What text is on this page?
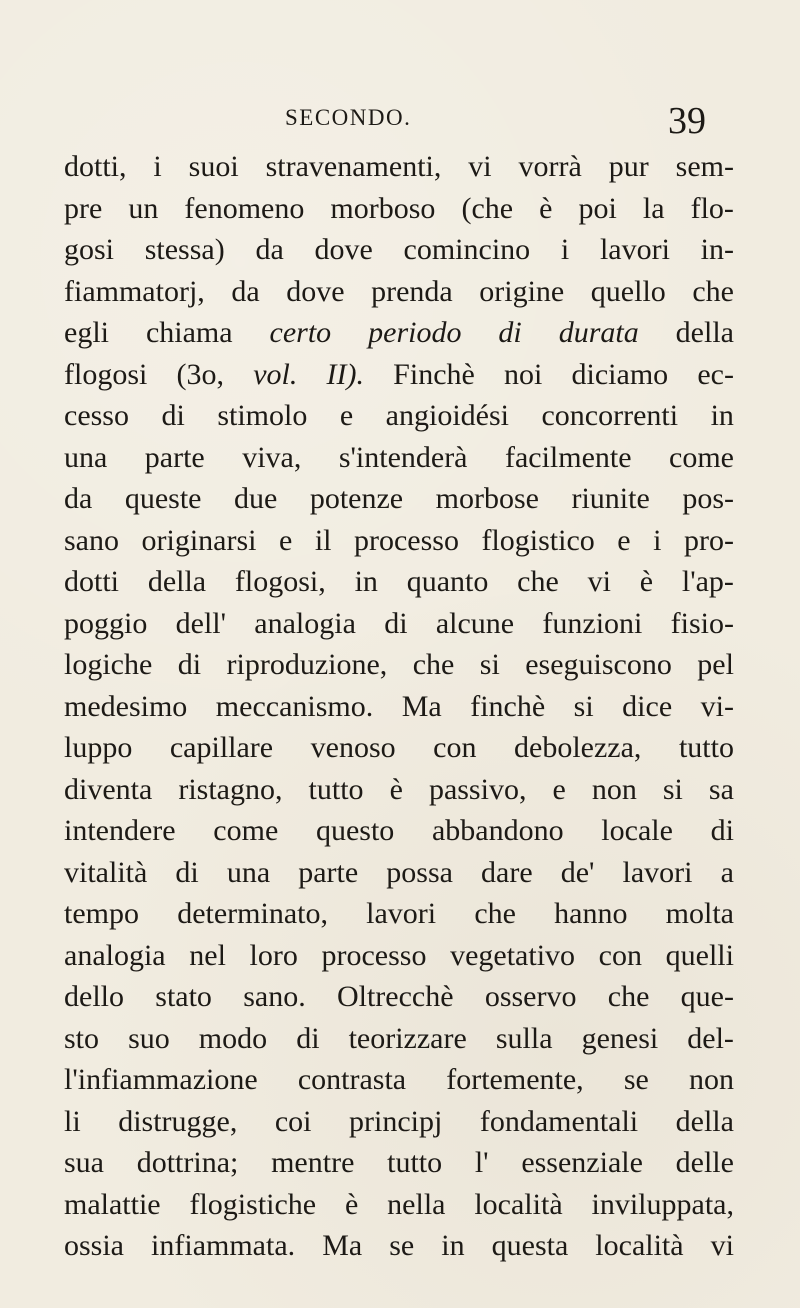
SECONDO.	39
dotti, i suoi stravenamenti, vi vorrà pur sem-
pre un fenomeno morboso (che è poi la flo-
gosi stessa) da dove comincino i lavori in-
fiammatorj, da dove prenda origine quello che
egli chiama certo periodo di durata della
flogosi (3o, vol. II). Finchè noi diciamo ec-
cesso di stimolo e angioidési concorrenti in
una parte viva, s'intenderà facilmente come
da queste due potenze morbose riunite pos-
sano originarsi e il processo flogistico e i pro-
dotti della flogosi, in quanto che vi è l'ap-
poggio dell' analogia di alcune funzioni fisio-
logiche di riproduzione, che si eseguiscono pel
medesimo meccanismo. Ma finchè si dice vi-
luppo capillare venoso con debolezza, tutto
diventa ristagno, tutto è passivo, e non si sa
intendere come questo abbandono locale di
vitalità di una parte possa dare de' lavori a
tempo determinato, lavori che hanno molta
analogia nel loro processo vegetativo con quelli
dello stato sano. Oltrecchè osservo che que-
sto suo modo di teorizzare sulla genesi del-
l'infiammazione contrasta fortemente, se non
li distrugge, coi principj fondamentali della
sua dottrina; mentre tutto l' essenziale delle
malattie flogistiche è nella località inviluppata,
ossia infiammata. Ma se in questa località vi
